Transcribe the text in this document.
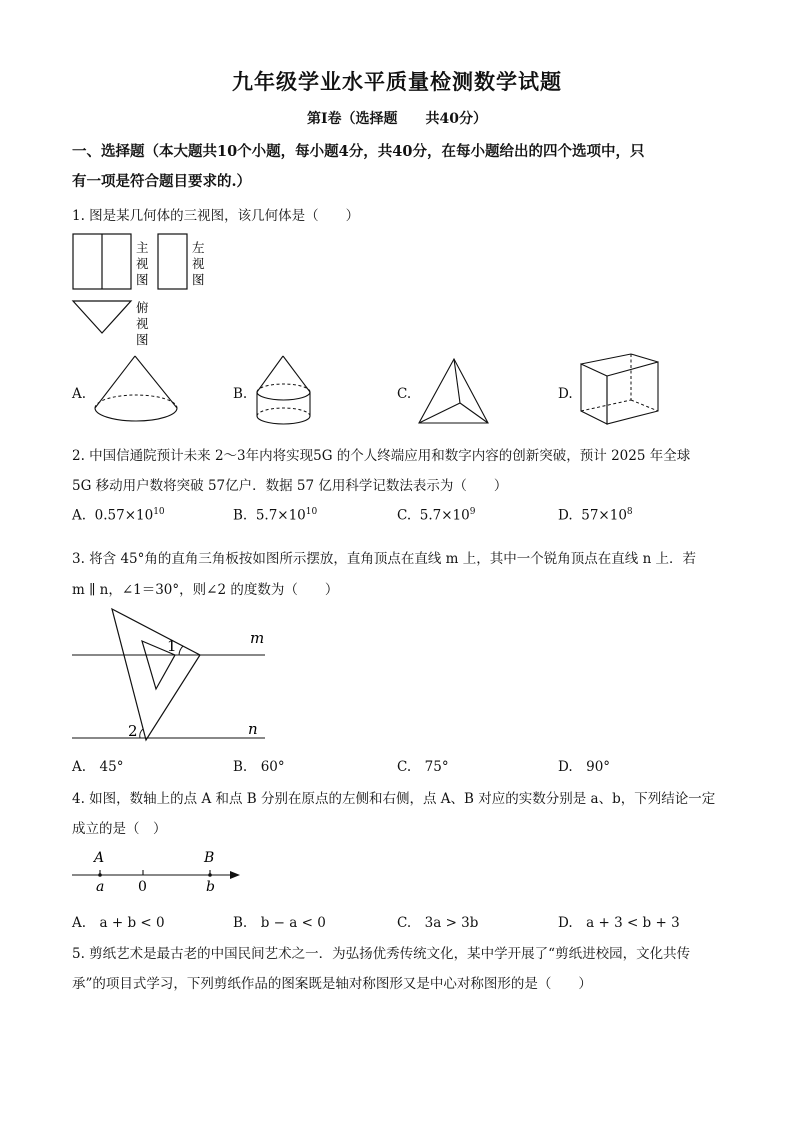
九年级学业水平质量检测数学试题
第Ⅰ卷（选择题　　共40分）
一、选择题（本大题共10个小题，每小题4分，共40分，在每小题给出的四个选项中，只
有一项是符合题目要求的.）
1. 图是某几何体的三视图，该几何体是（　　）
主
视
图
左
视
图
俯
视
图
A.	B.	C.	D.
2. 中国信通院预计未来 2～3年内将实现5G 的个人终端应用和数字内容的创新突破，预计 2025 年全球
5G 移动用户数将突破 57亿户．数据 57 亿用科学记数法表示为（　　）
A. $0.57\times 10^{10}$	B. $5.7\times 10^{10}$	C. $5.7\times 10^9$	D. $57\times 10^8$
3. 将含 45°角的直角三角板按如图所示摆放，直角顶点在直线 m 上，其中一个锐角顶点在直线 n 上．若
m ∥ n，∠1＝30°，则∠2 的度数为（　　）
1
2
m
n
A.　45°	B.　60°	C.　75°	D.　90°
4. 如图，数轴上的点 A 和点 B 分别在原点的左侧和右侧，点 A、B 对应的实数分别是 a、b，下列结论一定
成立的是（　）
A
a 0
B
b
A.　a + b < 0	B.　b − a < 0	C.　3a > 3b	D.　a + 3 < b + 3
5. 剪纸艺术是最古老的中国民间艺术之一．为弘扬优秀传统文化，某中学开展了“剪纸进校园，文化共传
承”的项目式学习，下列剪纸作品的图案既是轴对称图形又是中心对称图形的是（　　）
